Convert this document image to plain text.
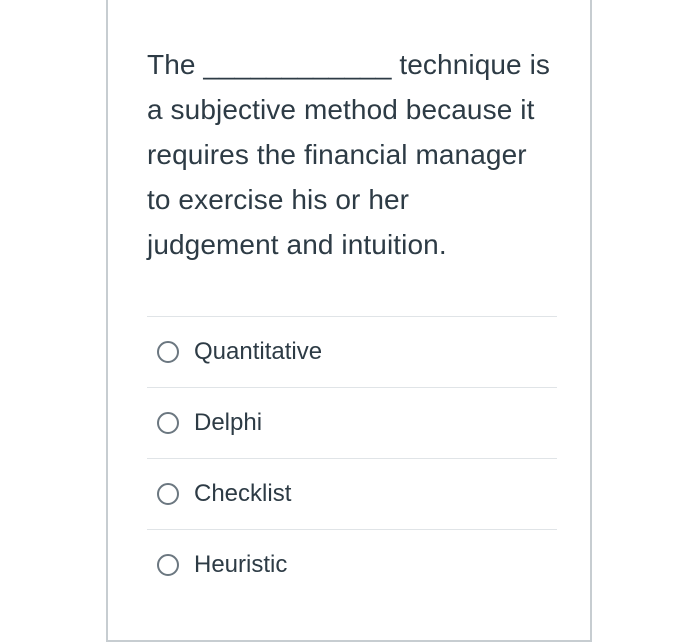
The ____________ technique is

a subjective method because it

requires the financial manager

to exercise his or her

judgement and intuition.

Quantitative
Delphi
Checklist
Heuristic
